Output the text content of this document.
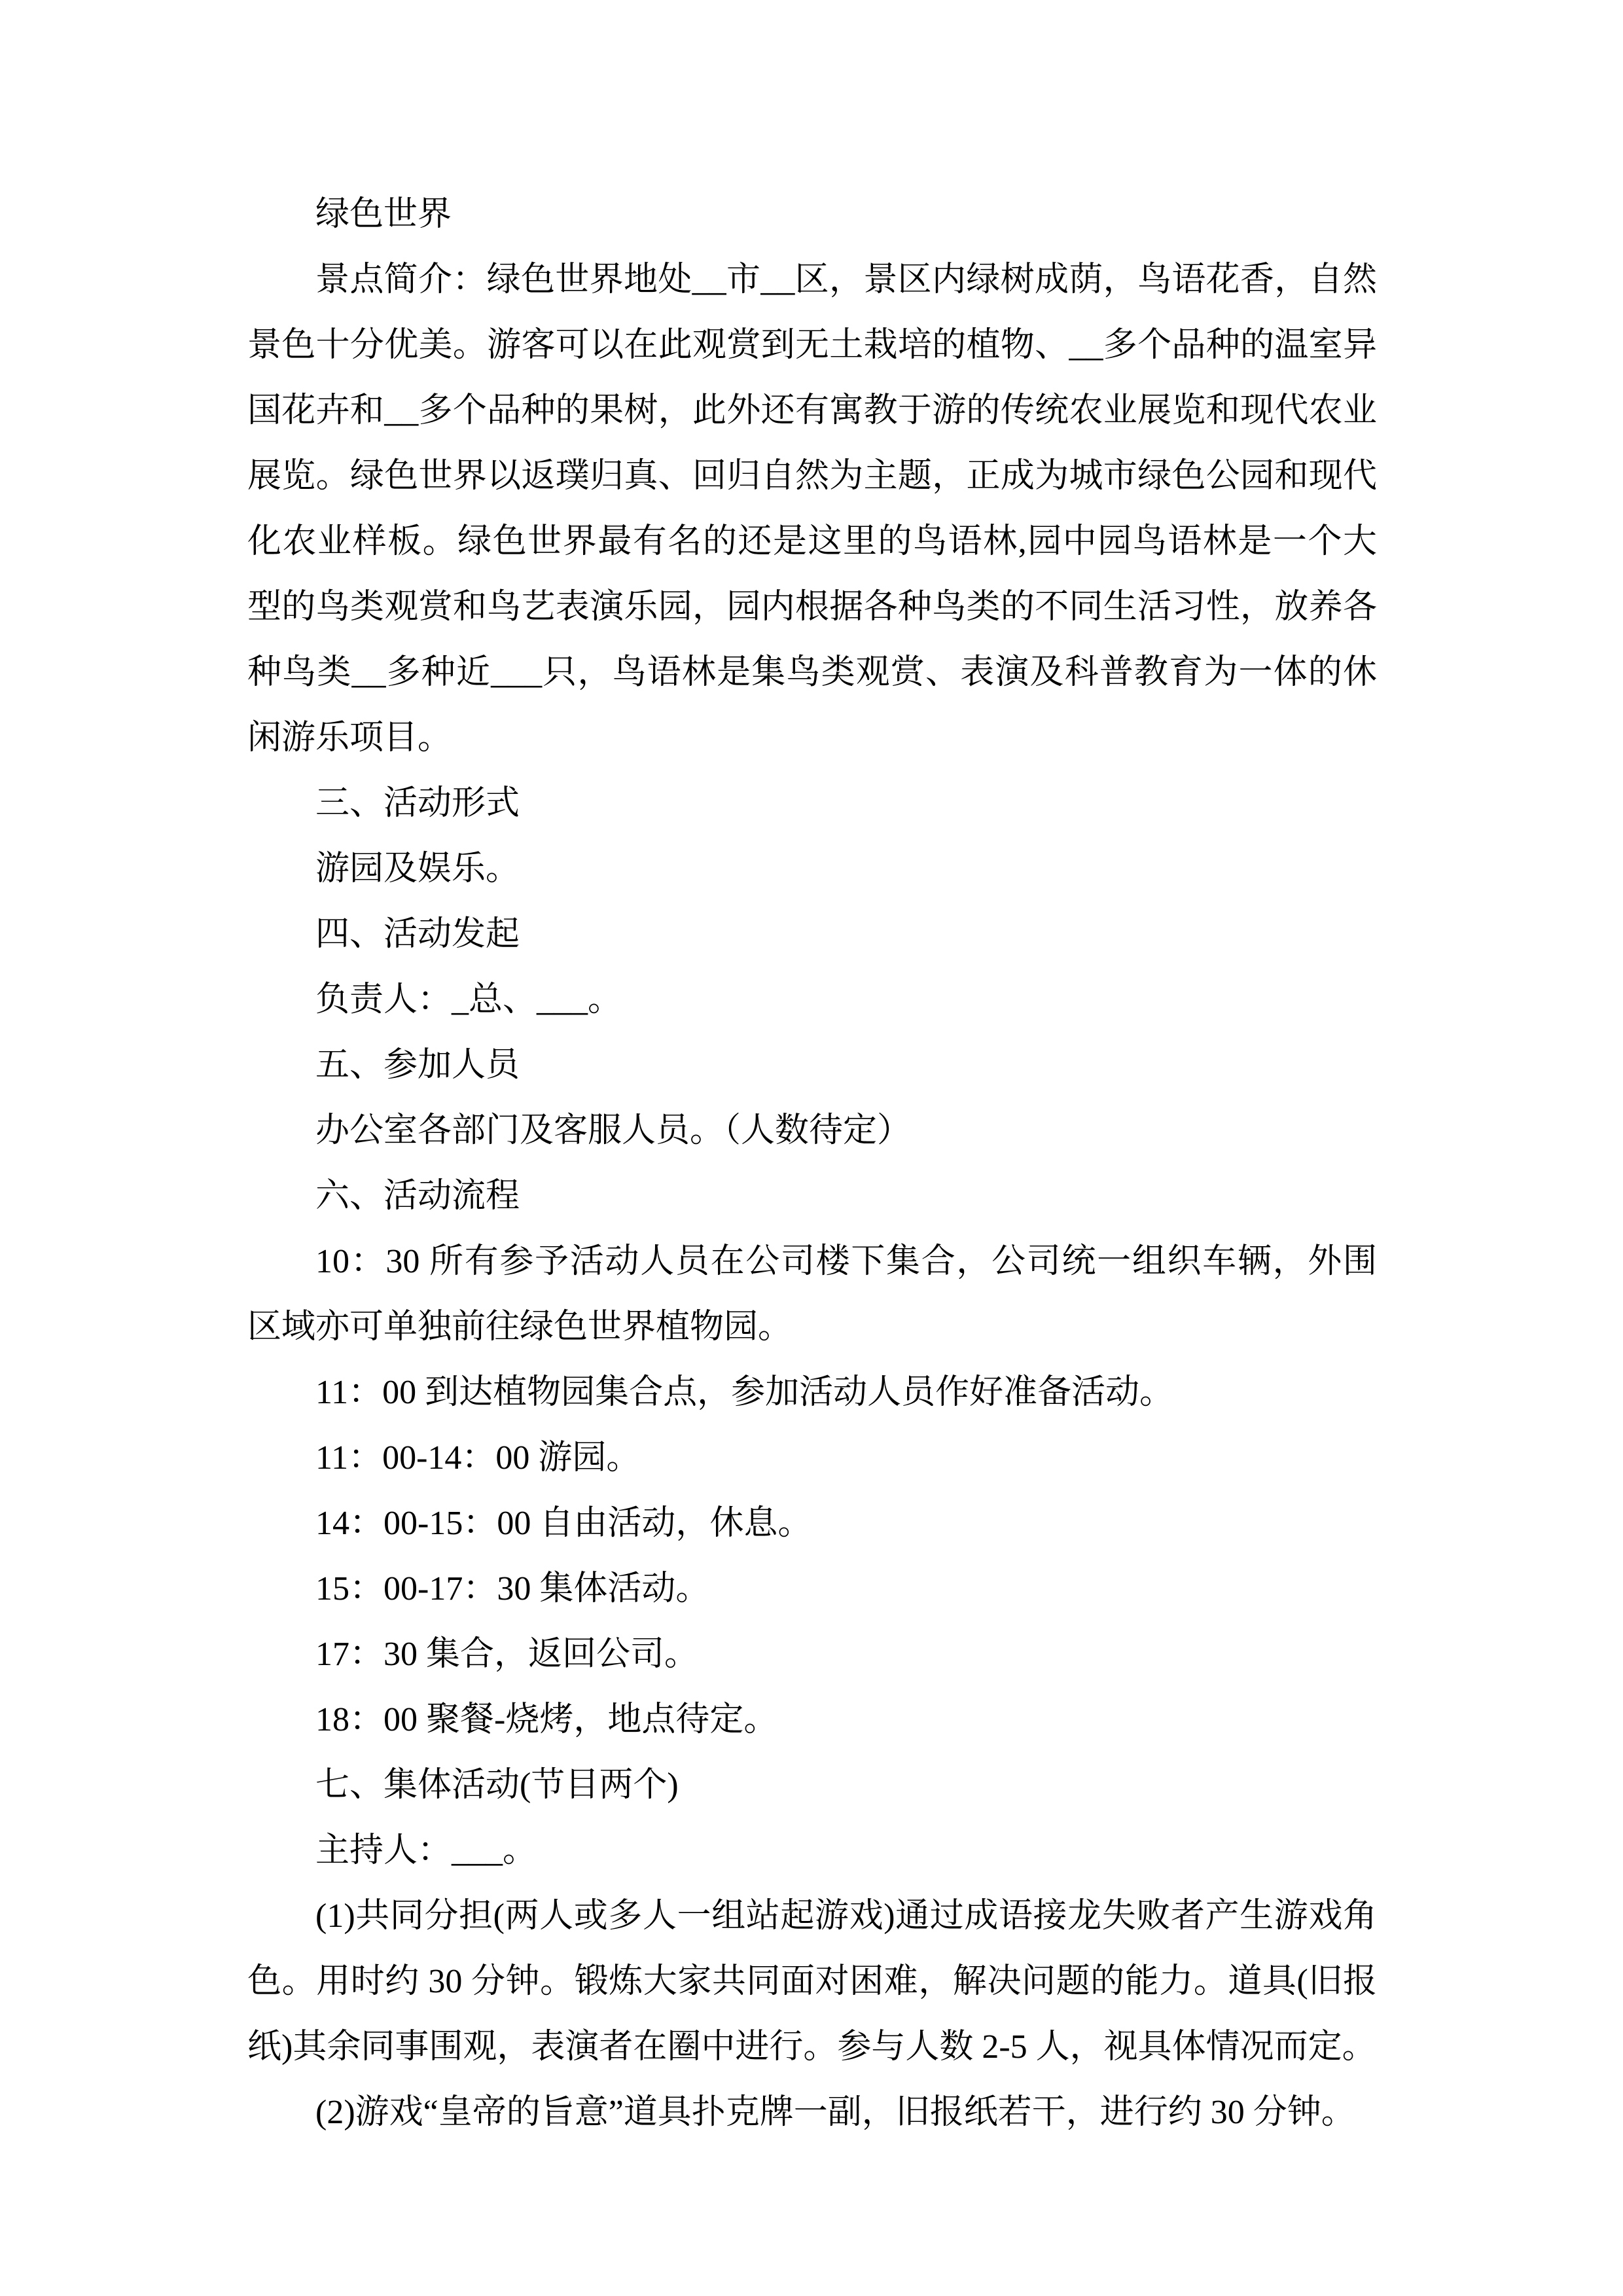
绿色世界

景点简介：绿色世界地处__市__区，景区内绿树成荫，鸟语花香，自然景色十分优美。游客可以在此观赏到无土栽培的植物、__多个品种的温室异国花卉和__多个品种的果树，此外还有寓教于游的传统农业展览和现代农业展览。绿色世界以返璞归真、回归自然为主题，正成为城市绿色公园和现代化农业样板。绿色世界最有名的还是这里的鸟语林,园中园鸟语林是一个大型的鸟类观赏和鸟艺表演乐园，园内根据各种鸟类的不同生活习性，放养各种鸟类__多种近___只，鸟语林是集鸟类观赏、表演及科普教育为一体的休闲游乐项目。

三、活动形式

游园及娱乐。

四、活动发起

负责人：_总、___。

五、参加人员

办公室各部门及客服人员。（人数待定）

六、活动流程

10：30 所有参予活动人员在公司楼下集合，公司统一组织车辆，外围区域亦可单独前往绿色世界植物园。

11：00 到达植物园集合点，参加活动人员作好准备活动。

11：00-14：00 游园。

14：00-15：00 自由活动，休息。

15：00-17：30 集体活动。

17：30 集合，返回公司。

18：00 聚餐-烧烤，地点待定。

七、集体活动(节目两个)

主持人：___。

(1)共同分担(两人或多人一组站起游戏)通过成语接龙失败者产生游戏角色。用时约 30 分钟。锻炼大家共同面对困难，解决问题的能力。道具(旧报纸)其余同事围观，表演者在圈中进行。参与人数 2-5 人，视具体情况而定。

(2)游戏“皇帝的旨意”道具扑克牌一副，旧报纸若干，进行约 30 分钟。
